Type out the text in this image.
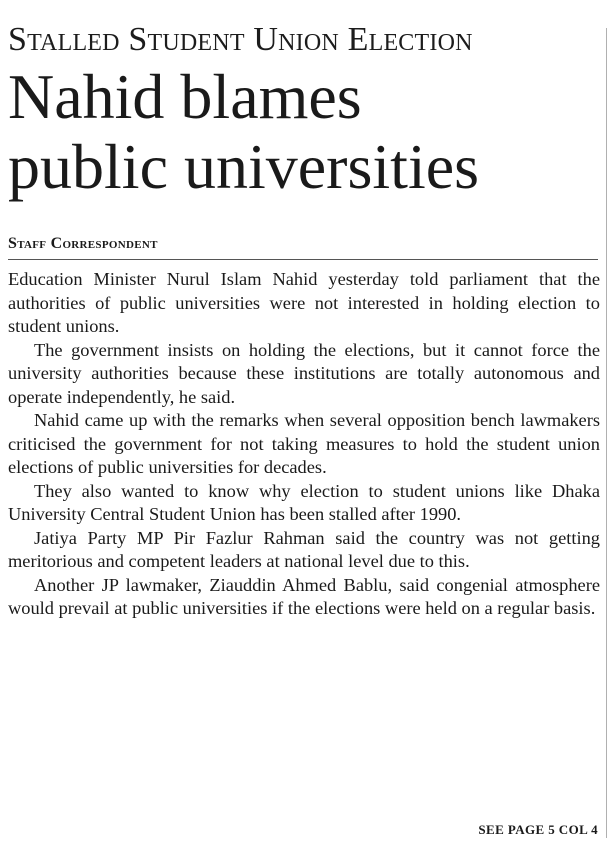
Stalled Student Union Election
Nahid blames
public universities
Staff Correspondent

Education Minister Nurul Islam Nahid yesterday told parliament that the authorities of public universities were not interested in holding election to student unions.

The government insists on holding the elections, but it cannot force the university authorities because these institutions are totally autonomous and operate independently, he said.

Nahid came up with the remarks when several opposition bench lawmakers criticised the government for not taking measures to hold the student union elections of public universities for decades.

They also wanted to know why election to student unions like Dhaka University Central Student Union has been stalled after 1990.

Jatiya Party MP Pir Fazlur Rahman said the country was not getting meritorious and competent leaders at national level due to this.

Another JP lawmaker, Ziauddin Ahmed Bablu, said congenial atmosphere would prevail at public universities if the elections were held on a regular basis.

SEE PAGE 5 COL 4
